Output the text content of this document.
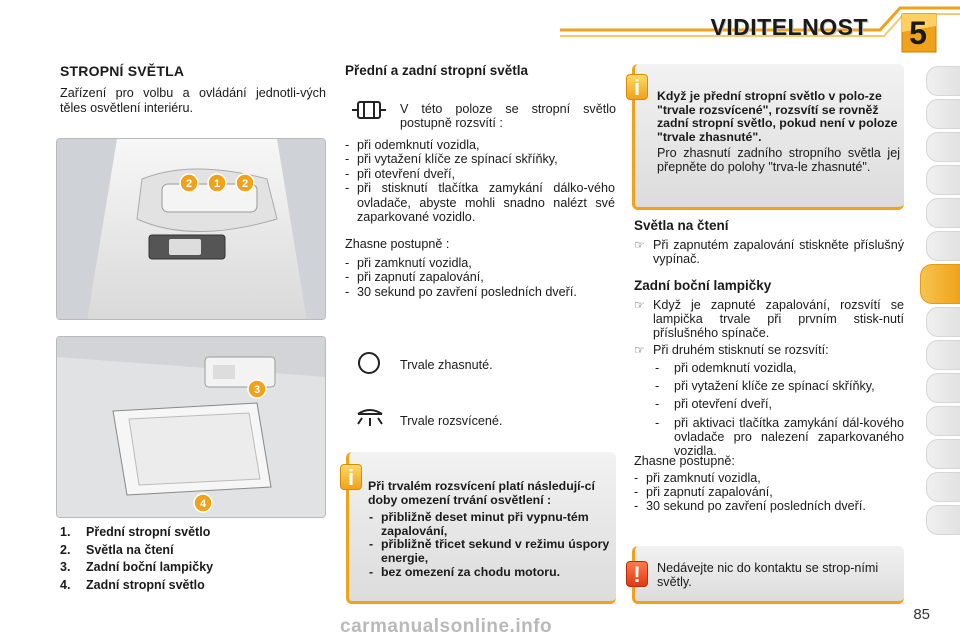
VIDITELNOST	5
STROPNÍ SVĚTLA
Zařízení pro volbu a ovládání jednotli-vých těles osvětlení interiéru.
2 1 2
3
4
1. Přední stropní světlo
2. Světla na čtení
3. Zadní boční lampičky
4. Zadní stropní světlo
Přední a zadní stropní světla
V této poloze se stropní světlo postupně rozsvítí :
- při odemknutí vozidla,
- při vytažení klíče ze spínací skříňky,
- při otevření dveří,
- při stisknutí tlačítka zamykání dálko-vého ovladače, abyste mohli snadno nalézt své zaparkované vozidlo.
Zhasne postupně :
- při zamknutí vozidla,
- při zapnutí zapalování,
- 30 sekund po zavření posledních dveří.
Trvale zhasnuté.
Trvale rozsvícené.
i	Při trvalém rozsvícení platí následují-cí doby omezení trvání osvětlení :
- přibližně deset minut při vypnu-tém zapalování,
- přibližně třicet sekund v režimu úspory energie,
- bez omezení za chodu motoru.
i	Když je přední stropní světlo v polo-ze "trvale rozsvícené", rozsvítí se rovněž zadní stropní světlo, pokud není v poloze "trvale zhasnuté".
Pro zhasnutí zadního stropního světla jej přepněte do polohy "trva-le zhasnuté".
Světla na čtení
☞ Při zapnutém zapalování stiskněte příslušný vypínač.
Zadní boční lampičky
☞ Když je zapnuté zapalování, rozsvítí se lampička trvale při prvním stisk-nutí příslušného spínače.
☞ Při druhém stisknutí se rozsvítí:
- při odemknutí vozidla,
- při vytažení klíče ze spínací skříňky,
- při otevření dveří,
- při aktivaci tlačítka zamykání dál-kového ovladače pro nalezení zaparkovaného vozidla.
Zhasne postupně:
- při zamknutí vozidla,
- při zapnutí zapalování,
- 30 sekund po zavření posledních dveří.
!	Nedávejte nic do kontaktu se strop-ními světly.
85
carmanualsonline.info
